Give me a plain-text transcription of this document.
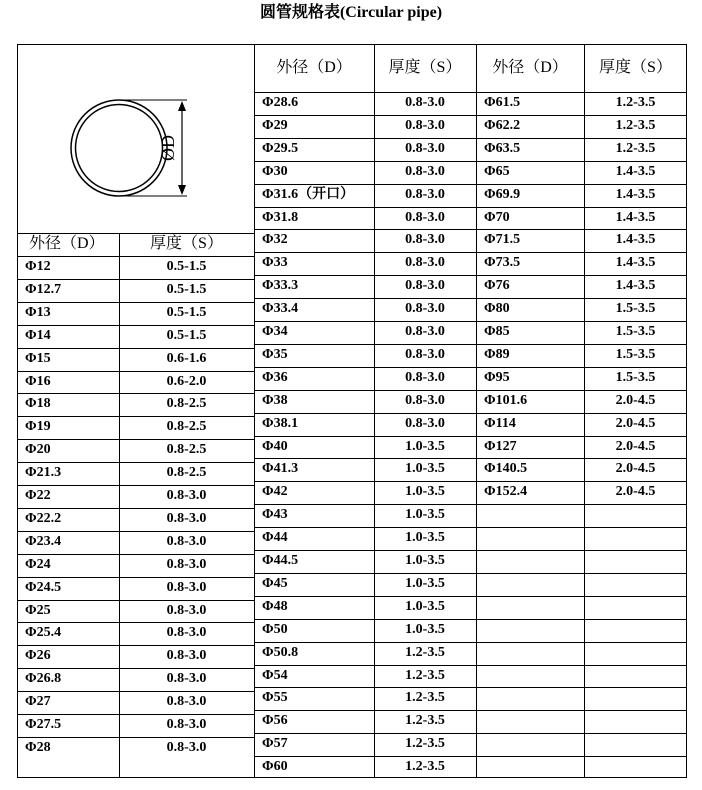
圆管规格表(Circular pipe)
ØD
外径（D）	厚度（S）	外径（D）	厚度（S）
外径（D）	厚度（S）
Φ12	0.5-1.5
Φ12.7	0.5-1.5
Φ13	0.5-1.5
Φ14	0.5-1.5
Φ15	0.6-1.6
Φ16	0.6-2.0
Φ18	0.8-2.5
Φ19	0.8-2.5
Φ20	0.8-2.5
Φ21.3	0.8-2.5
Φ22	0.8-3.0
Φ22.2	0.8-3.0
Φ23.4	0.8-3.0
Φ24	0.8-3.0
Φ24.5	0.8-3.0
Φ25	0.8-3.0
Φ25.4	0.8-3.0
Φ26	0.8-3.0
Φ26.8	0.8-3.0
Φ27	0.8-3.0
Φ27.5	0.8-3.0
Φ28	0.8-3.0
Φ28.6	0.8-3.0	Φ61.5	1.2-3.5
Φ29	0.8-3.0	Φ62.2	1.2-3.5
Φ29.5	0.8-3.0	Φ63.5	1.2-3.5
Φ30	0.8-3.0	Φ65	1.4-3.5
Φ31.6（开口）	0.8-3.0	Φ69.9	1.4-3.5
Φ31.8	0.8-3.0	Φ70	1.4-3.5
Φ32	0.8-3.0	Φ71.5	1.4-3.5
Φ33	0.8-3.0	Φ73.5	1.4-3.5
Φ33.3	0.8-3.0	Φ76	1.4-3.5
Φ33.4	0.8-3.0	Φ80	1.5-3.5
Φ34	0.8-3.0	Φ85	1.5-3.5
Φ35	0.8-3.0	Φ89	1.5-3.5
Φ36	0.8-3.0	Φ95	1.5-3.5
Φ38	0.8-3.0	Φ101.6	2.0-4.5
Φ38.1	0.8-3.0	Φ114	2.0-4.5
Φ40	1.0-3.5	Φ127	2.0-4.5
Φ41.3	1.0-3.5	Φ140.5	2.0-4.5
Φ42	1.0-3.5	Φ152.4	2.0-4.5
Φ43	1.0-3.5
Φ44	1.0-3.5
Φ44.5	1.0-3.5
Φ45	1.0-3.5
Φ48	1.0-3.5
Φ50	1.0-3.5
Φ50.8	1.2-3.5
Φ54	1.2-3.5
Φ55	1.2-3.5
Φ56	1.2-3.5
Φ57	1.2-3.5
Φ60	1.2-3.5
